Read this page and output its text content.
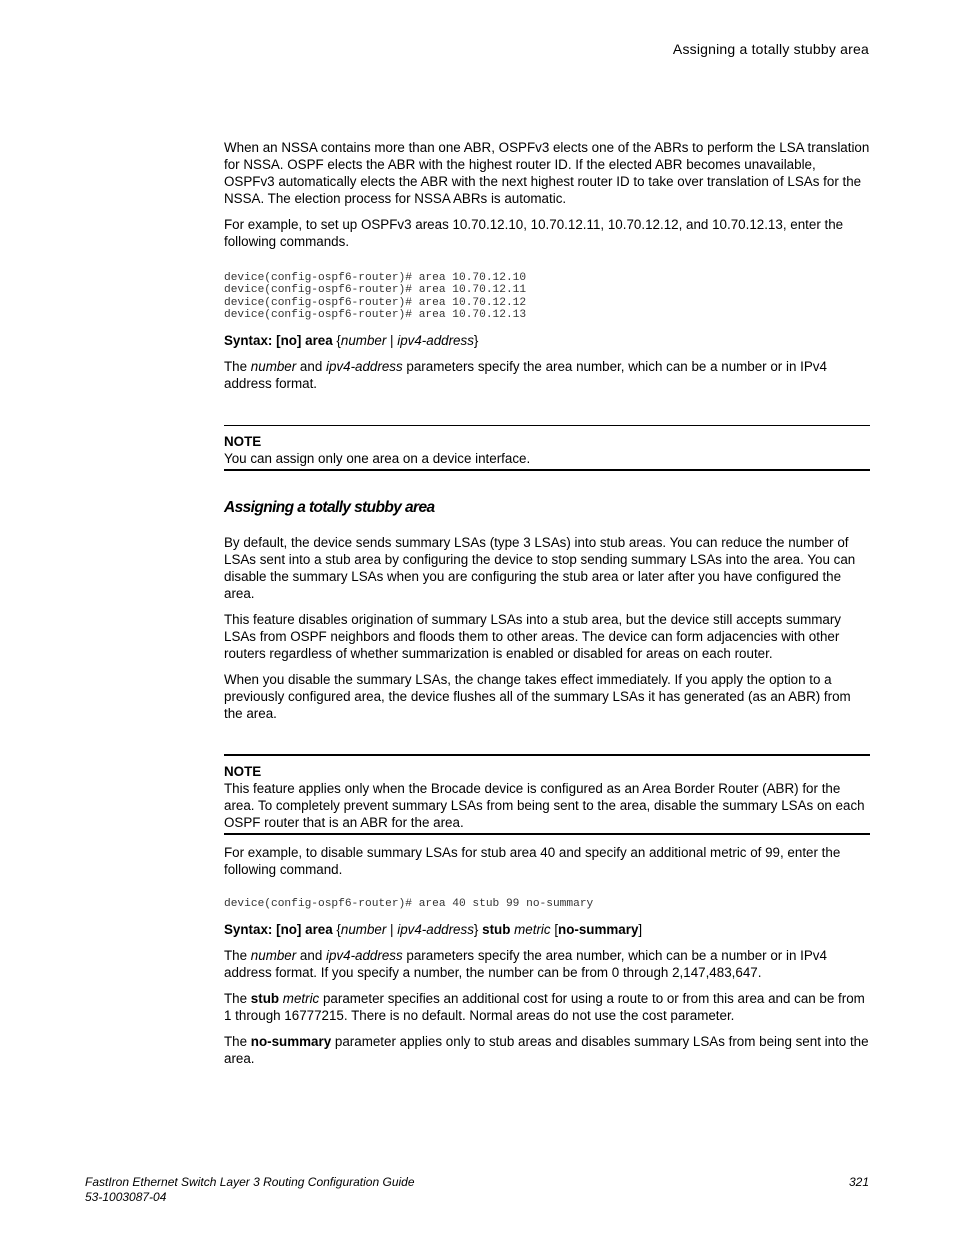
Assigning a totally stubby area

When an NSSA contains more than one ABR, OSPFv3 elects one of the ABRs to perform the LSA translation for NSSA. OSPF elects the ABR with the highest router ID. If the elected ABR becomes unavailable, OSPFv3 automatically elects the ABR with the next highest router ID to take over translation of LSAs for the NSSA. The election process for NSSA ABRs is automatic.

For example, to set up OSPFv3 areas 10.70.12.10, 10.70.12.11, 10.70.12.12, and 10.70.12.13, enter the following commands.

device(config-ospf6-router)# area 10.70.12.10
device(config-ospf6-router)# area 10.70.12.11
device(config-ospf6-router)# area 10.70.12.12
device(config-ospf6-router)# area 10.70.12.13

Syntax: [no] area {number | ipv4-address}

The number and ipv4-address parameters specify the area number, which can be a number or in IPv4 address format.

NOTE

You can assign only one area on a device interface.

Assigning a totally stubby area

By default, the device sends summary LSAs (type 3 LSAs) into stub areas. You can reduce the number of LSAs sent into a stub area by configuring the device to stop sending summary LSAs into the area. You can disable the summary LSAs when you are configuring the stub area or later after you have configured the area.

This feature disables origination of summary LSAs into a stub area, but the device still accepts summary LSAs from OSPF neighbors and floods them to other areas. The device can form adjacencies with other routers regardless of whether summarization is enabled or disabled for areas on each router.

When you disable the summary LSAs, the change takes effect immediately. If you apply the option to a previously configured area, the device flushes all of the summary LSAs it has generated (as an ABR) from the area.

NOTE

This feature applies only when the Brocade device is configured as an Area Border Router (ABR) for the area. To completely prevent summary LSAs from being sent to the area, disable the summary LSAs on each OSPF router that is an ABR for the area.

For example, to disable summary LSAs for stub area 40 and specify an additional metric of 99, enter the following command.

device(config-ospf6-router)# area 40 stub 99 no-summary

Syntax: [no] area {number | ipv4-address} stub metric [no-summary]

The number and ipv4-address parameters specify the area number, which can be a number or in IPv4 address format. If you specify a number, the number can be from 0 through 2,147,483,647.

The stub metric parameter specifies an additional cost for using a route to or from this area and can be from 1 through 16777215. There is no default. Normal areas do not use the cost parameter.

The no-summary parameter applies only to stub areas and disables summary LSAs from being sent into the area.

FastIron Ethernet Switch Layer 3 Routing Configuration Guide
53-1003087-04
321
